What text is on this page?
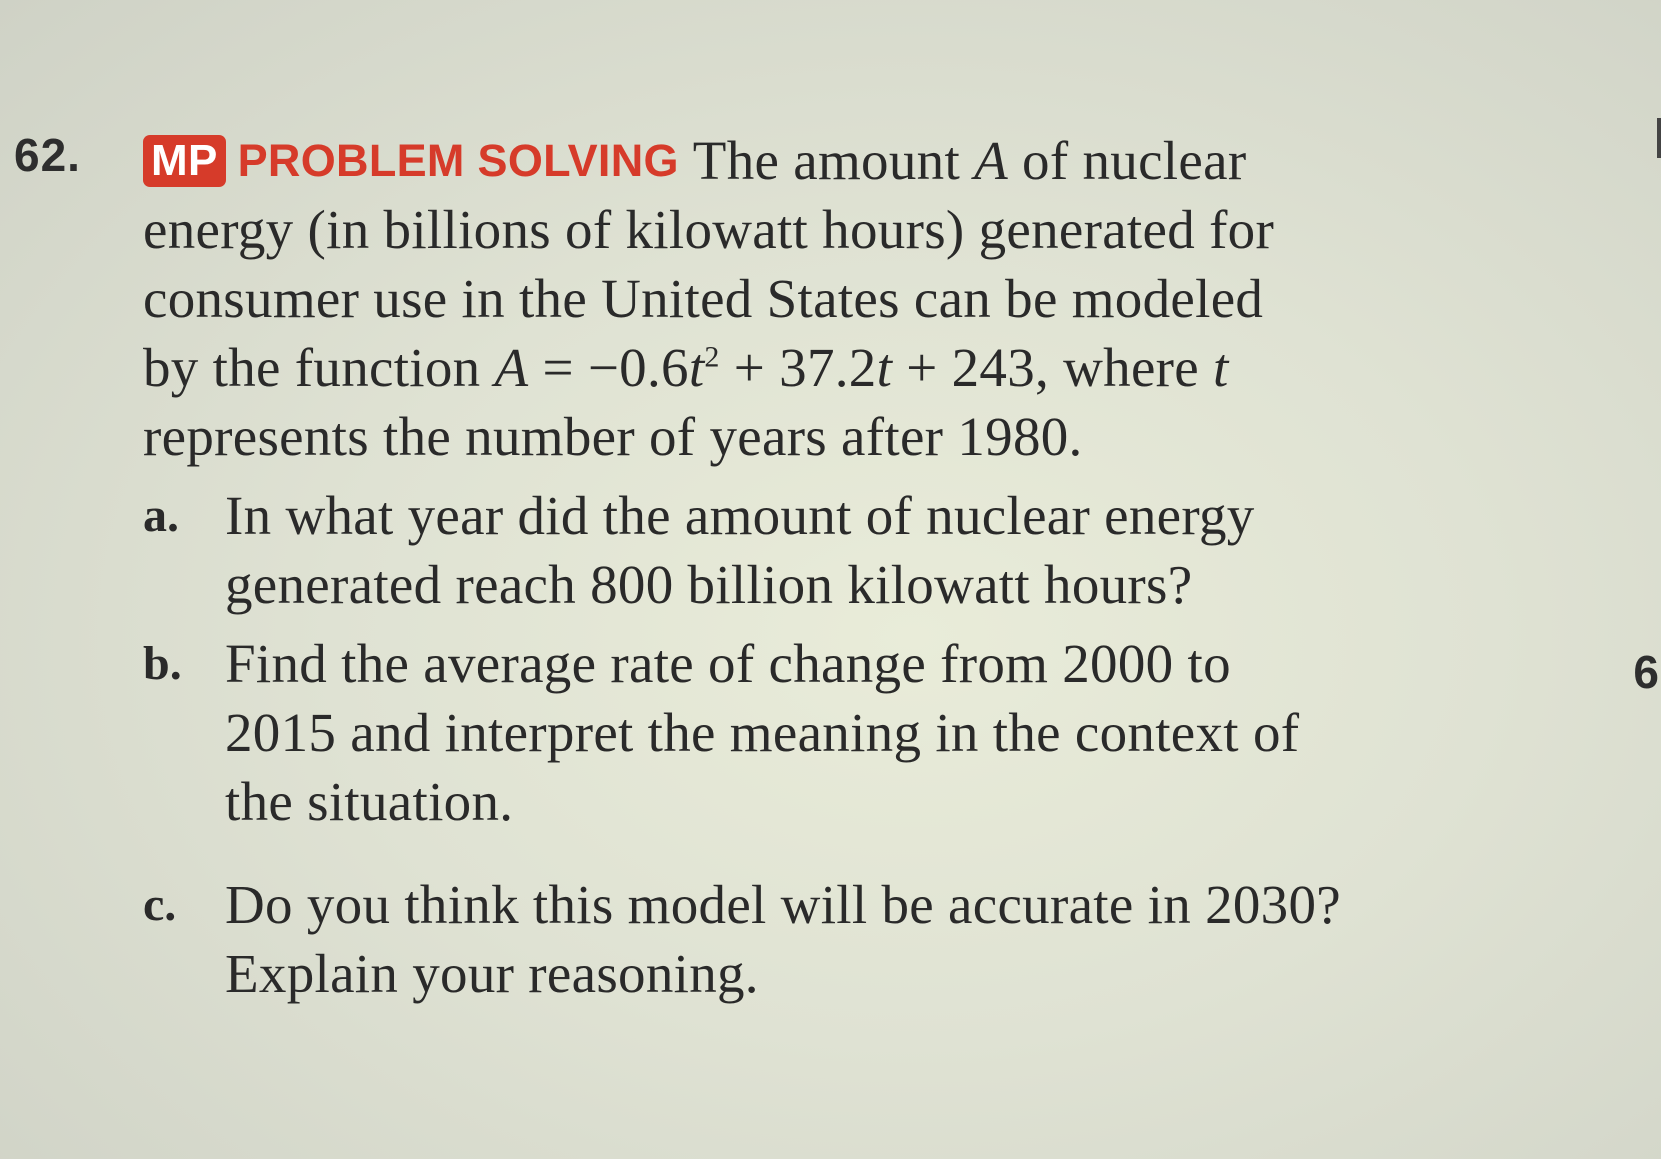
62. MP PROBLEM SOLVING The amount A of nuclear
energy (in billions of kilowatt hours) generated for
consumer use in the United States can be modeled
by the function $A = -0.6t^2 + 37.2t + 243$, where t
represents the number of years after 1980.
a. In what year did the amount of nuclear energy
generated reach 800 billion kilowatt hours?
b. Find the average rate of change from 2000 to
2015 and interpret the meaning in the context of
the situation.
c. Do you think this model will be accurate in 2030?
Explain your reasoning.
6
